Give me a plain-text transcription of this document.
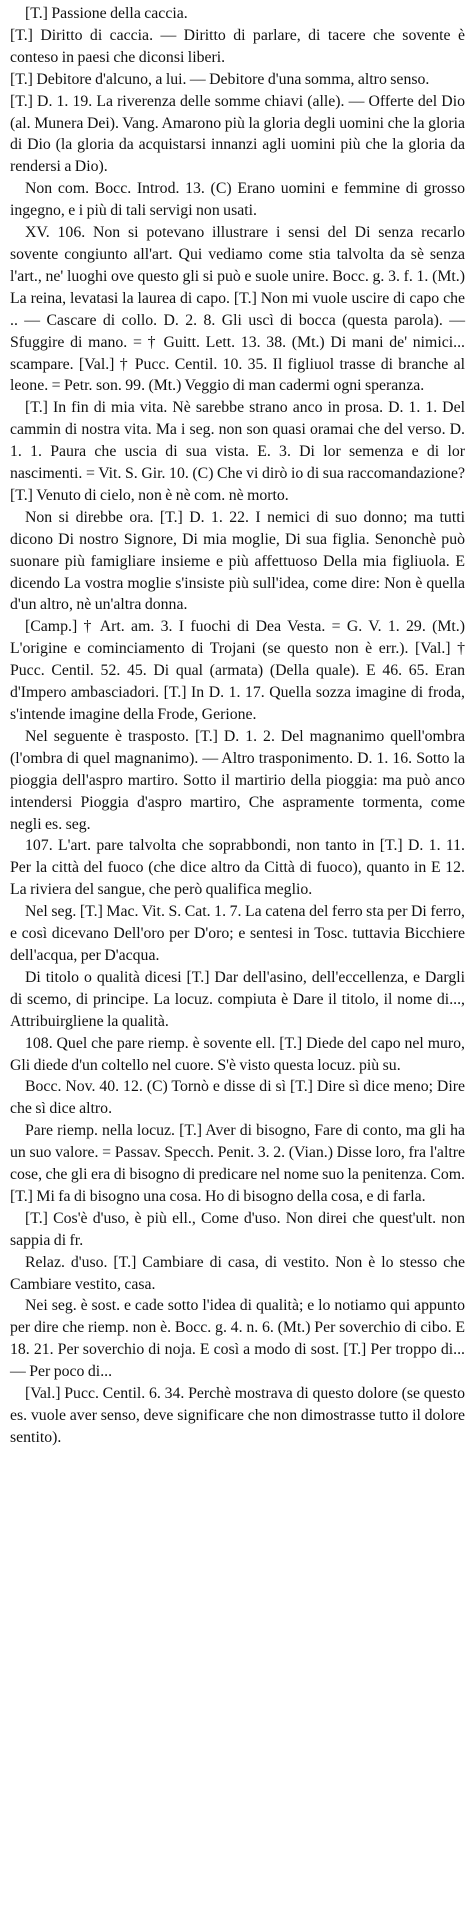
[T.] Passione della caccia.

[T.] Diritto di caccia. — Diritto di parlare, di tacere che sovente è conteso in paesi che diconsi liberi.

[T.] Debitore d'alcuno, a lui. — Debitore d'una somma, altro senso.

[T.] D. 1. 19. La riverenza delle somme chiavi (alle). — Offerte del Dio (al. Munera Dei). Vang. Amarono più la gloria degli uomini che la gloria di Dio (la gloria da acquistarsi innanzi agli uomini più che la gloria da rendersi a Dio).

Non com. Bocc. Introd. 13. (C) Erano uomini e femmine di grosso ingegno, e i più di tali servigi non usati.

XV. 106. Non si potevano illustrare i sensi del Di senza recarlo sovente congiunto all'art. Qui vediamo come stia talvolta da sè senza l'art., ne' luoghi ove questo gli si può e suole unire. Bocc. g. 3. f. 1. (Mt.) La reina, levatasi la laurea di capo. [T.] Non mi vuole uscire di capo che .. — Cascare di collo. D. 2. 8. Gli uscì di bocca (questa parola). — Sfuggire di mano. = † Guitt. Lett. 13. 38. (Mt.) Di mani de' nimici... scampare. [Val.] † Pucc. Centil. 10. 35. Il figliuol trasse di branche al leone. = Petr. son. 99. (Mt.) Veggio di man cadermi ogni speranza.

[T.] In fin di mia vita. Nè sarebbe strano anco in prosa. D. 1. 1. Del cammin di nostra vita. Ma i seg. non son quasi oramai che del verso. D. 1. 1. Paura che uscia di sua vista. E. 3. Di lor semenza e di lor nascimenti. = Vit. S. Gir. 10. (C) Che vi dirò io di sua raccomandazione? [T.] Venuto di cielo, non è nè com. nè morto.

Non si direbbe ora. [T.] D. 1. 22. I nemici di suo donno; ma tutti dicono Di nostro Signore, Di mia moglie, Di sua figlia. Senonchè può suonare più famigliare insieme e più affettuoso Della mia figliuola. E dicendo La vostra moglie s'insiste più sull'idea, come dire: Non è quella d'un altro, nè un'altra donna.

[Camp.] † Art. am. 3. I fuochi di Dea Vesta. = G. V. 1. 29. (Mt.) L'origine e cominciamento di Trojani (se questo non è err.). [Val.] † Pucc. Centil. 52. 45. Di qual (armata) (Della quale). E 46. 65. Eran d'Impero ambasciadori. [T.] In D. 1. 17. Quella sozza imagine di froda, s'intende imagine della Frode, Gerione.

Nel seguente è trasposto. [T.] D. 1. 2. Del magnanimo quell'ombra (l'ombra di quel magnanimo). — Altro trasponimento. D. 1. 16. Sotto la pioggia dell'aspro martiro. Sotto il martirio della pioggia: ma può anco intendersi Pioggia d'aspro martiro, Che aspramente tormenta, come negli es. seg.

107. L'art. pare talvolta che soprabbondi, non tanto in [T.] D. 1. 11. Per la città del fuoco (che dice altro da Città di fuoco), quanto in E 12. La riviera del sangue, che però qualifica meglio.

Nel seg. [T.] Mac. Vit. S. Cat. 1. 7. La catena del ferro sta per Di ferro, e così dicevano Dell'oro per D'oro; e sentesi in Tosc. tuttavia Bicchiere dell'acqua, per D'acqua.

Di titolo o qualità dicesi [T.] Dar dell'asino, dell'eccellenza, e Dargli di scemo, di principe. La locuz. compiuta è Dare il titolo, il nome di..., Attribuirgliene la qualità.

108. Quel che pare riemp. è sovente ell. [T.] Diede del capo nel muro, Gli diede d'un coltello nel cuore. S'è visto questa locuz. più su.

Bocc. Nov. 40. 12. (C) Tornò e disse di sì [T.] Dire sì dice meno; Dire che sì dice altro.

Pare riemp. nella locuz. [T.] Aver di bisogno, Fare di conto, ma gli ha un suo valore. = Passav. Specch. Penit. 3. 2. (Vian.) Disse loro, fra l'altre cose, che gli era di bisogno di predicare nel nome suo la penitenza. Com. [T.] Mi fa di bisogno una cosa. Ho di bisogno della cosa, e di farla.

[T.] Cos'è d'uso, è più ell., Come d'uso. Non direi che quest'ult. non sappia di fr.

Relaz. d'uso. [T.] Cambiare di casa, di vestito. Non è lo stesso che Cambiare vestito, casa.

Nei seg. è sost. e cade sotto l'idea di qualità; e lo notiamo qui appunto per dire che riemp. non è. Bocc. g. 4. n. 6. (Mt.) Per soverchio di cibo. E 18. 21. Per soverchio di noja. E così a modo di sost. [T.] Per troppo di... — Per poco di...

[Val.] Pucc. Centil. 6. 34. Perchè mostrava di questo dolore (se questo es. vuole aver senso, deve significare che non dimostrasse tutto il dolore sentito).
